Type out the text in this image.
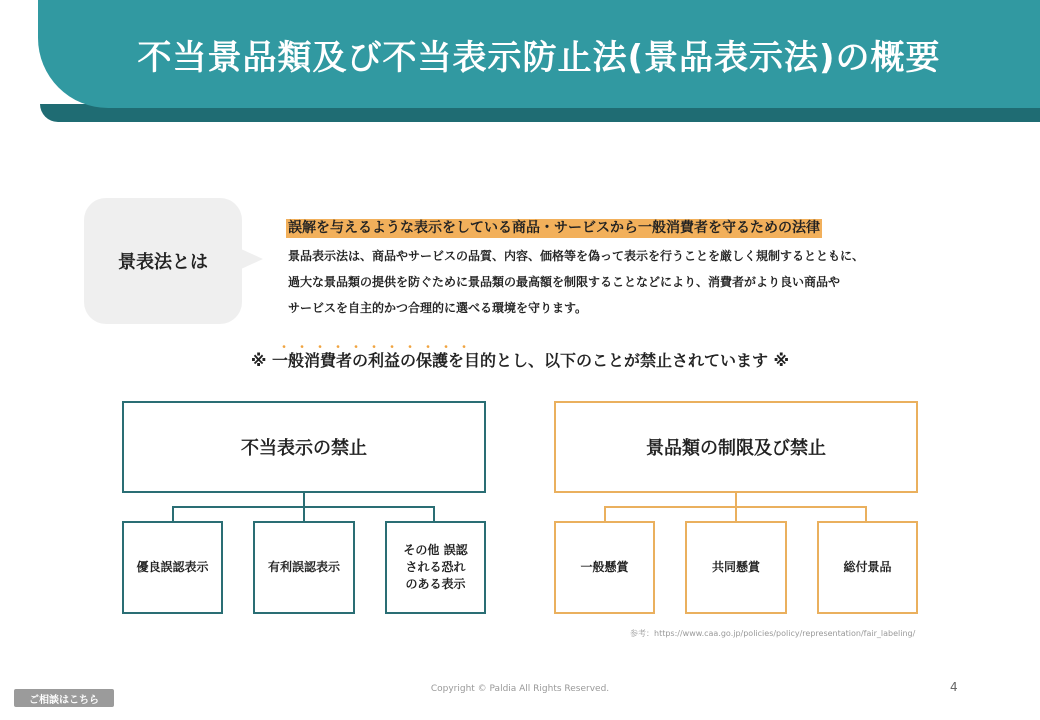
不当景品類及び不当表示防止法(景品表示法)の概要
景表法とは
誤解を与えるような表示をしている商品・サービスから一般消費者を守るための法律
景品表示法は、商品やサービスの品質、内容、価格等を偽って表示を行うことを厳しく規制するとともに、
過大な景品類の提供を防ぐために景品類の最高額を制限することなどにより、消費者がより良い商品や
サービスを自主的かつ合理的に選べる環境を守ります。
・・・・・・・・・・・
※ 一般消費者の利益の保護を目的とし、以下のことが禁止されています ※
不当表示の禁止
優良誤認表示	有利誤認表示
その他 誤認
される恐れ
のある表示
景品類の制限及び禁止
一般懸賞	共同懸賞	総付景品
参考：https://www.caa.go.jp/policies/policy/representation/fair_labeling/
Copyright © Paldia All Rights Reserved.	4
ご相談はこちら
